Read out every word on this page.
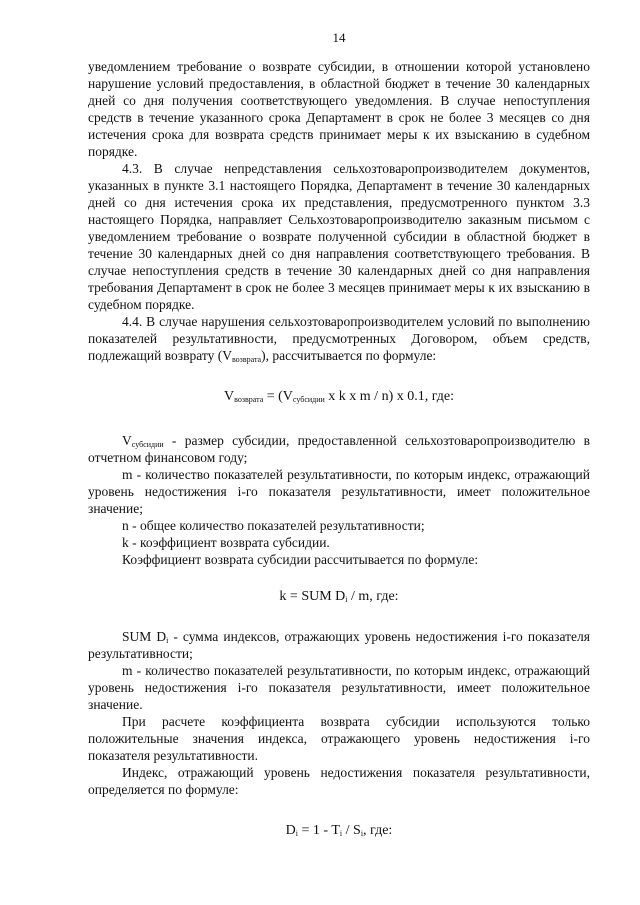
14

уведомлением требование о возврате субсидии, в отношении которой установлено нарушение условий предоставления, в областной бюджет в течение 30 календарных дней со дня получения соответствующего уведомления. В случае непоступления средств в течение указанного срока Департамент в срок не более 3 месяцев со дня истечения срока для возврата средств принимает меры к их взысканию в судебном порядке.

4.3. В случае непредставления сельхозтоваропроизводителем документов, указанных в пункте 3.1 настоящего Порядка, Департамент в течение 30 календарных дней со дня истечения срока их представления, предусмотренного пунктом 3.3 настоящего Порядка, направляет Сельхозтоваропроизводителю заказным письмом с уведомлением требование о возврате полученной субсидии в областной бюджет в течение 30 календарных дней со дня направления соответствующего требования. В случае непоступления средств в течение 30 календарных дней со дня направления требования Департамент в срок не более 3 месяцев принимает меры к их взысканию в судебном порядке.

4.4. В случае нарушения сельхозтоваропроизводителем условий по выполнению показателей результативности, предусмотренных Договором, объем средств, подлежащий возврату $(V_{возврата})$, рассчитывается по формуле:

$V_{возврата} = (V_{субсидии}$ x k x m / n) x 0.1, где:

$V_{субсидии}$ - размер субсидии, предоставленной сельхозтоваропроизводителю в отчетном финансовом году;

m - количество показателей результативности, по которым индекс, отражающий уровень недостижения i-го показателя результативности, имеет положительное значение;

n - общее количество показателей результативности;

k - коэффициент возврата субсидии.

Коэффициент возврата субсидии рассчитывается по формуле:

k = SUM $D_i$ / m, где:

SUM $D_i$ - сумма индексов, отражающих уровень недостижения i-го показателя результативности;

m - количество показателей результативности, по которым индекс, отражающий уровень недостижения i-го показателя результативности, имеет положительное значение.

При расчете коэффициента возврата субсидии используются только положительные значения индекса, отражающего уровень недостижения i-го показателя результативности.

Индекс, отражающий уровень недостижения показателя результативности, определяется по формуле:

$D_i = 1 - T_i / S_i$, где:
